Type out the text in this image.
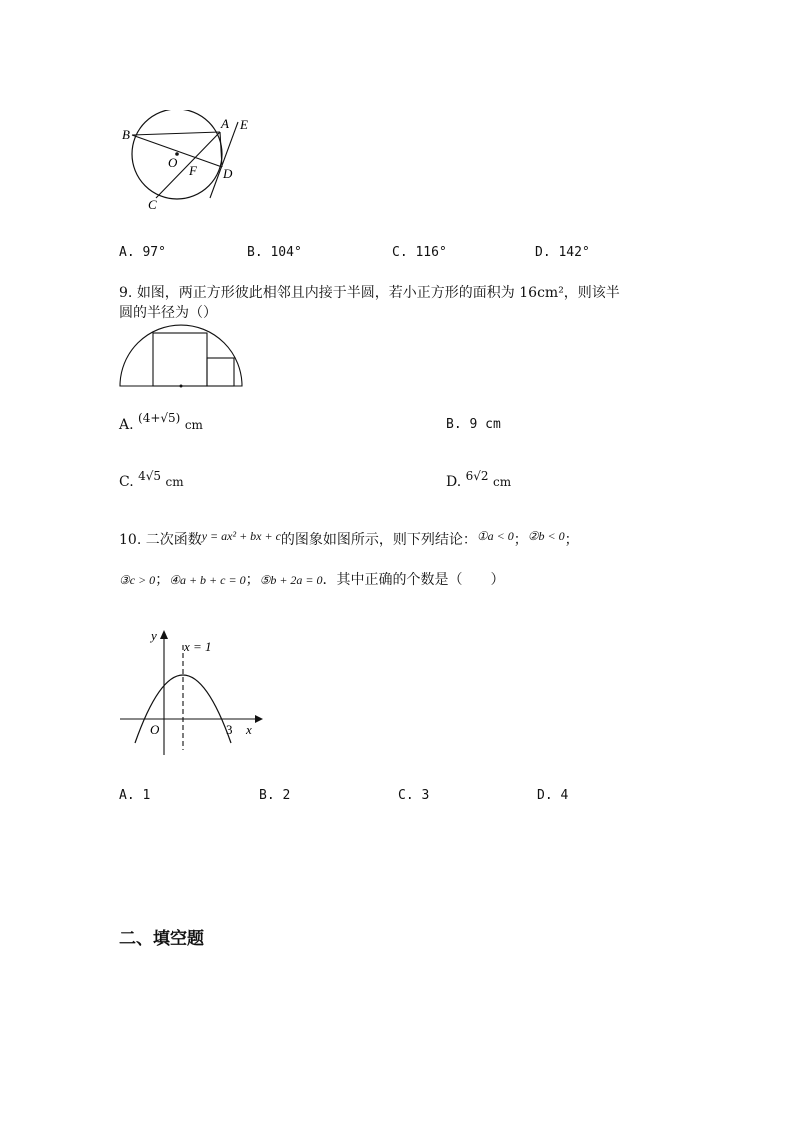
B
A E
O
F D
C
A. 97°	B. 104°	C. 116°	D. 142°
9. 如图，两正方形彼此相邻且内接于半圆，若小正方形的面积为 16cm²，则该半
圆的半径为（）
A. (4+√5) cm	B. 9 cm
C. 4√5 cm	D. 6√2 cm
10. 二次函数y = ax² + bx + c的图象如图所示，则下列结论：①a < 0；②b < 0；
③c > 0；④a + b + c = 0；⑤b + 2a = 0．其中正确的个数是（　　）
y
x = 1
O	3 x
A. 1	B. 2	C. 3	D. 4
二、填空题
